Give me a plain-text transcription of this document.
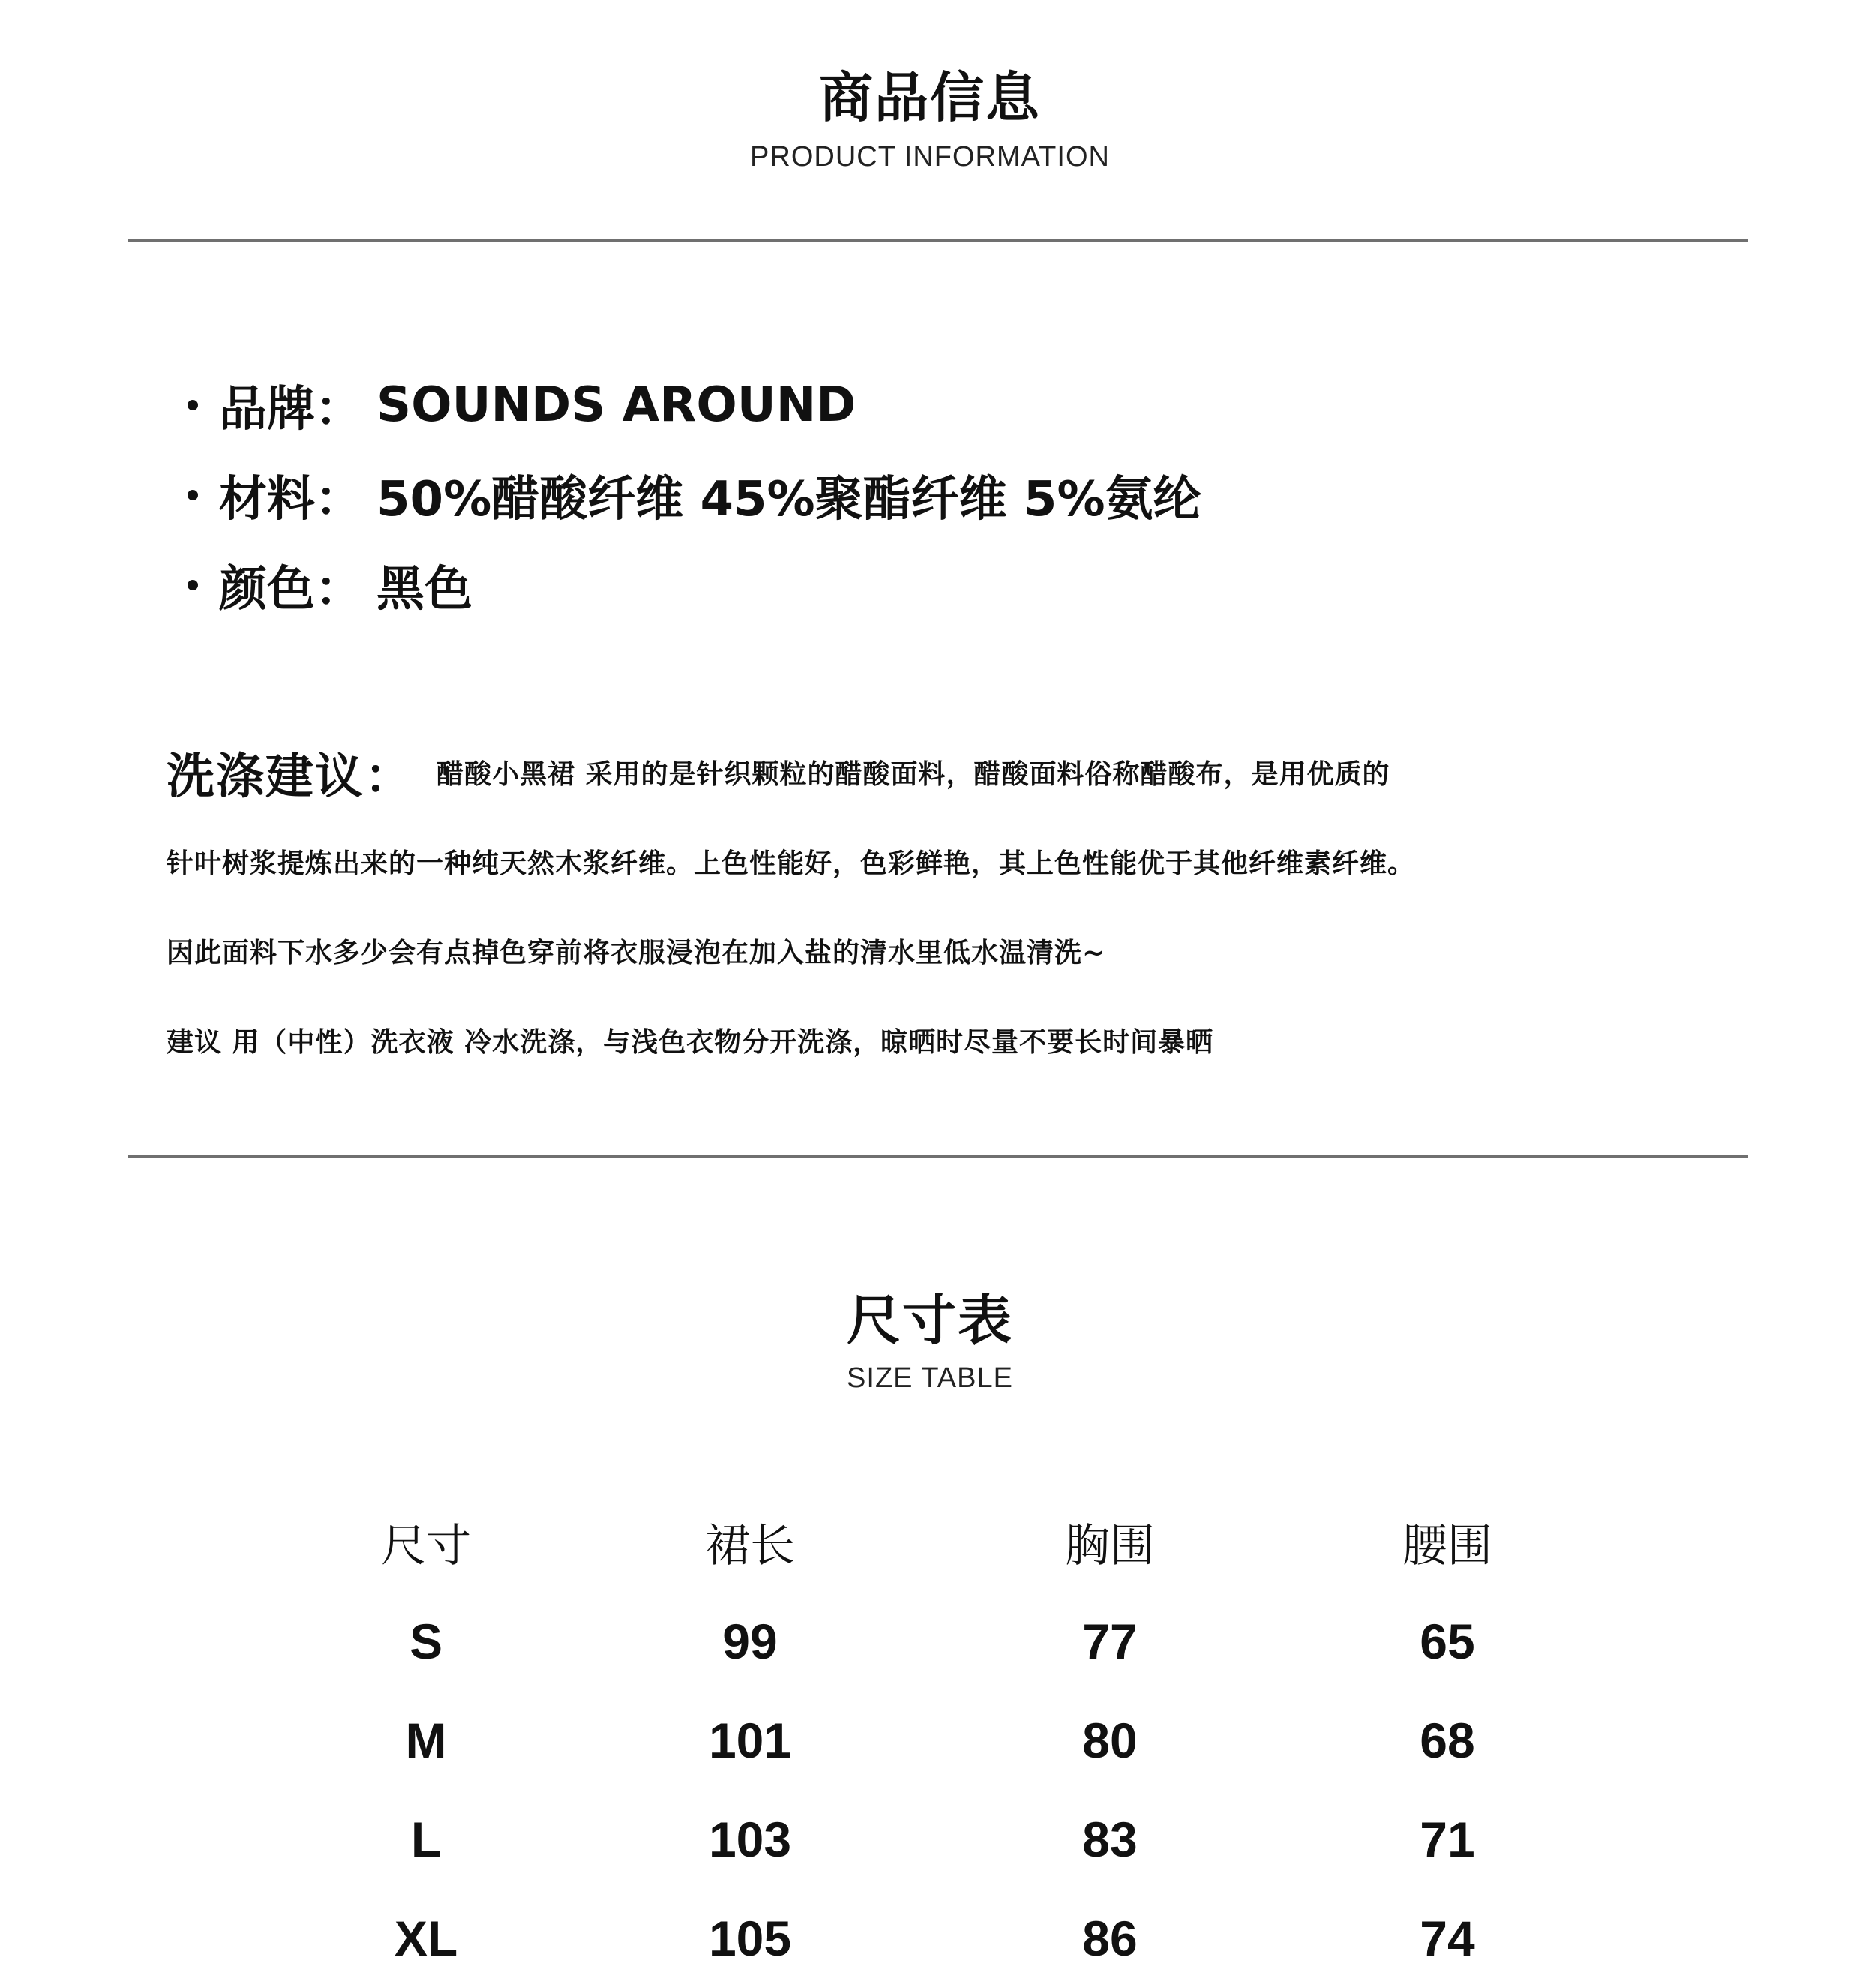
商品信息
PRODUCT INFORMATION
品牌： SOUNDS AROUND
材料： 50%醋酸纤维 45%聚酯纤维 5%氨纶
颜色： 黑色
洗涤建议： 醋酸小黑裙 采用的是针织颗粒的醋酸面料，醋酸面料俗称醋酸布，是用优质的
针叶树浆提炼出来的一种纯天然木浆纤维。上色性能好，色彩鲜艳，其上色性能优于其他纤维素纤维。
因此面料下水多少会有点掉色穿前将衣服浸泡在加入盐的清水里低水温清洗~
建议 用（中性）洗衣液 冷水洗涤，与浅色衣物分开洗涤，晾晒时尽量不要长时间暴晒
尺寸表
SIZE TABLE
尺寸	裙长	胸围	腰围
S	99	77	65
M	101	80	68
L	103	83	71
XL	105	86	74
